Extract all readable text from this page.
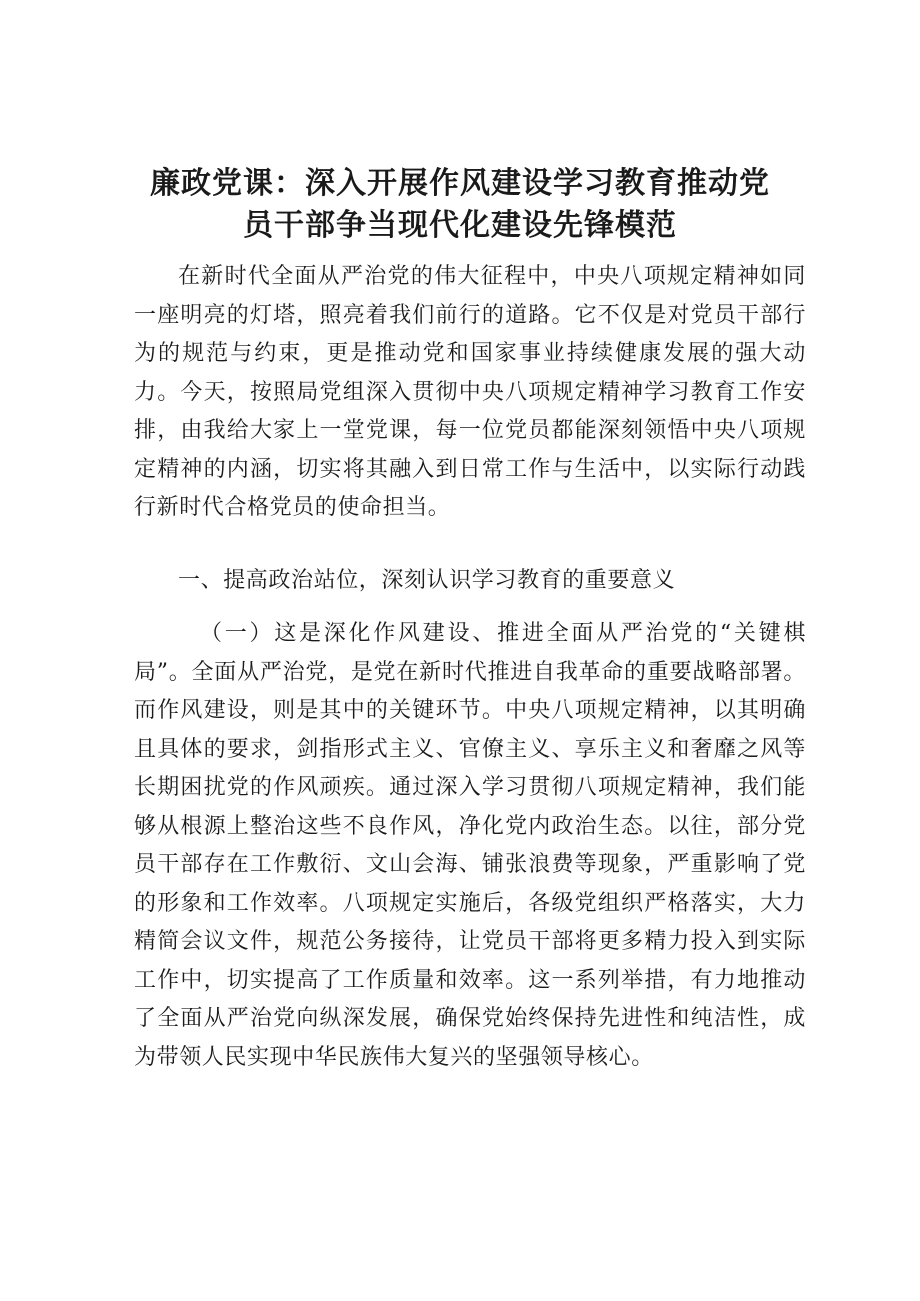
廉政党课：深入开展作风建设学习教育推动党
员干部争当现代化建设先锋模范

在新时代全面从严治党的伟大征程中，中央八项规定精神如同一座明亮的灯塔，照亮着我们前行的道路。它不仅是对党员干部行为的规范与约束，更是推动党和国家事业持续健康发展的强大动力。今天，按照局党组深入贯彻中央八项规定精神学习教育工作安排，由我给大家上一堂党课，每一位党员都能深刻领悟中央八项规定精神的内涵，切实将其融入到日常工作与生活中，以实际行动践行新时代合格党员的使命担当。

一、提高政治站位，深刻认识学习教育的重要意义

（一）这是深化作风建设、推进全面从严治党的“关键棋局”。全面从严治党，是党在新时代推进自我革命的重要战略部署。而作风建设，则是其中的关键环节。中央八项规定精神，以其明确且具体的要求，剑指形式主义、官僚主义、享乐主义和奢靡之风等长期困扰党的作风顽疾。通过深入学习贯彻八项规定精神，我们能够从根源上整治这些不良作风，净化党内政治生态。以往，部分党员干部存在工作敷衍、文山会海、铺张浪费等现象，严重影响了党的形象和工作效率。八项规定实施后，各级党组织严格落实，大力精简会议文件，规范公务接待，让党员干部将更多精力投入到实际工作中，切实提高了工作质量和效率。这一系列举措，有力地推动了全面从严治党向纵深发展，确保党始终保持先进性和纯洁性，成为带领人民实现中华民族伟大复兴的坚强领导核心。
